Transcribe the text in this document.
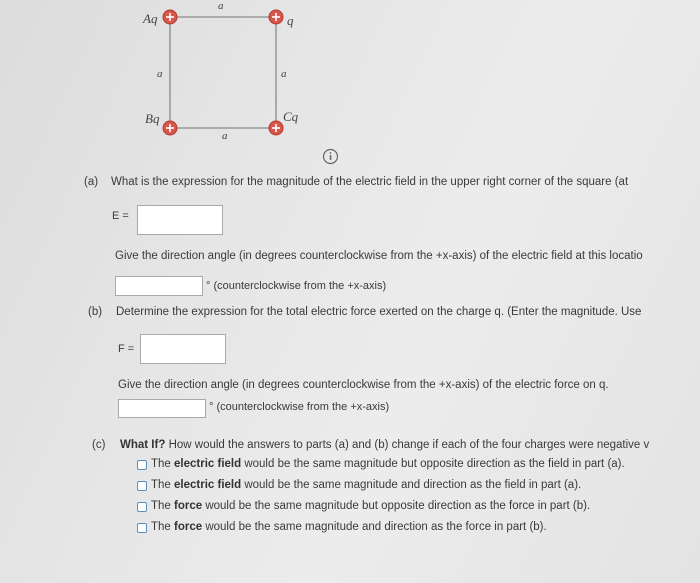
a
a	a
a
Aq	q
Bq	Cq
(a) What is the expression for the magnitude of the electric field in the upper right corner of the square (at
E =
Give the direction angle (in degrees counterclockwise from the +x-axis) of the electric field at this locatio
° (counterclockwise from the +x-axis)
(b) Determine the expression for the total electric force exerted on the charge q. (Enter the magnitude. Use
F =
Give the direction angle (in degrees counterclockwise from the +x-axis) of the electric force on q.
° (counterclockwise from the +x-axis)
(c) What If? How would the answers to parts (a) and (b) change if each of the four charges were negative v
The electric field would be the same magnitude but opposite direction as the field in part (a).
The electric field would be the same magnitude and direction as the field in part (a).
The force would be the same magnitude but opposite direction as the force in part (b).
The force would be the same magnitude and direction as the force in part (b).
